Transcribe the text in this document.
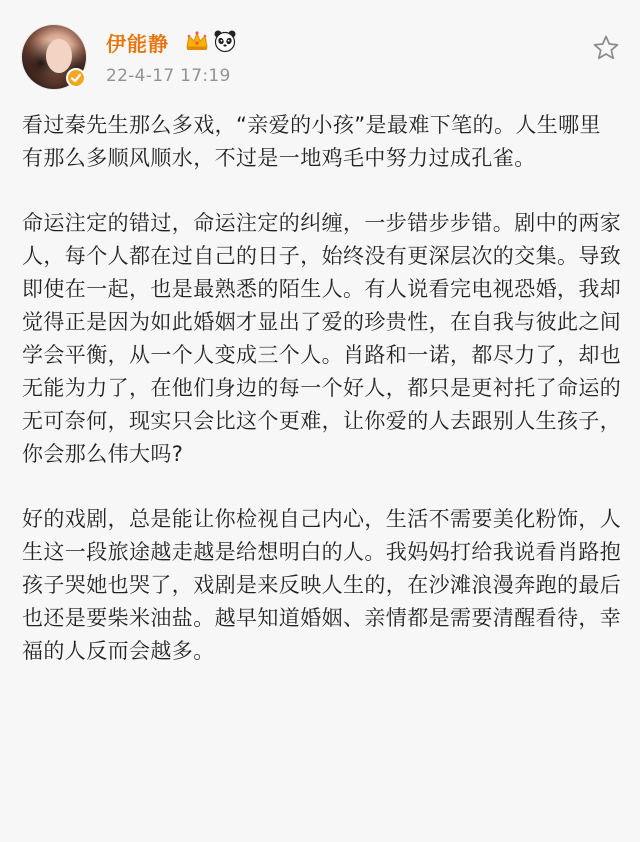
伊能静
22-4-17 17:19

看过秦先生那么多戏，“亲爱的小孩”是最难下笔的。人生哪里有那么多顺风顺水，不过是一地鸡毛中努力过成孔雀。

命运注定的错过，命运注定的纠缠，一步错步步错。剧中的两家人，每个人都在过自己的日子，始终没有更深层次的交集。导致即使在一起，也是最熟悉的陌生人。有人说看完电视恐婚，我却觉得正是因为如此婚姻才显出了爱的珍贵性，在自我与彼此之间学会平衡，从一个人变成三个人。肖路和一诺，都尽力了，却也无能为力了，在他们身边的每一个好人，都只是更衬托了命运的无可奈何，现实只会比这个更难，让你爱的人去跟别人生孩子，你会那么伟大吗?

好的戏剧，总是能让你检视自己内心，生活不需要美化粉饰，人生这一段旅途越走越是给想明白的人。我妈妈打给我说看肖路抱孩子哭她也哭了，戏剧是来反映人生的，在沙滩浪漫奔跑的最后也还是要柴米油盐。越早知道婚姻、亲情都是需要清醒看待，幸福的人反而会越多。
